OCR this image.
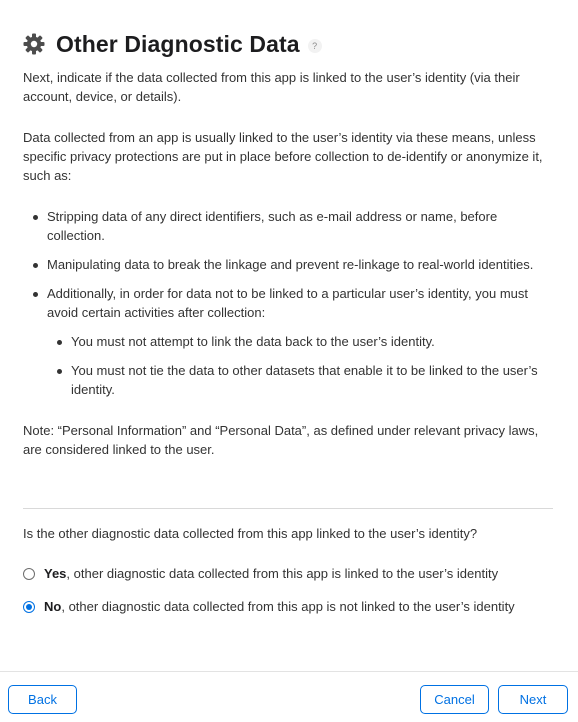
Other Diagnostic Data	?

Next, indicate if the data collected from this app is linked to the user’s identity (via their account, device, or details).

Data collected from an app is usually linked to the user’s identity via these means, unless specific privacy protections are put in place before collection to de-identify or anonymize it, such as:

Stripping data of any direct identifiers, such as e-mail address or name, before collection.
Manipulating data to break the linkage and prevent re-linkage to real-world identities.
Additionally, in order for data not to be linked to a particular user’s identity, you must avoid certain activities after collection:
You must not attempt to link the data back to the user’s identity.
You must not tie the data to other datasets that enable it to be linked to the user’s identity.

Note: “Personal Information” and “Personal Data”, as defined under relevant privacy laws, are considered linked to the user.

Is the other diagnostic data collected from this app linked to the user’s identity?
Yes, other diagnostic data collected from this app is linked to the user’s identity
No, other diagnostic data collected from this app is not linked to the user’s identity
Back	Cancel	Next
